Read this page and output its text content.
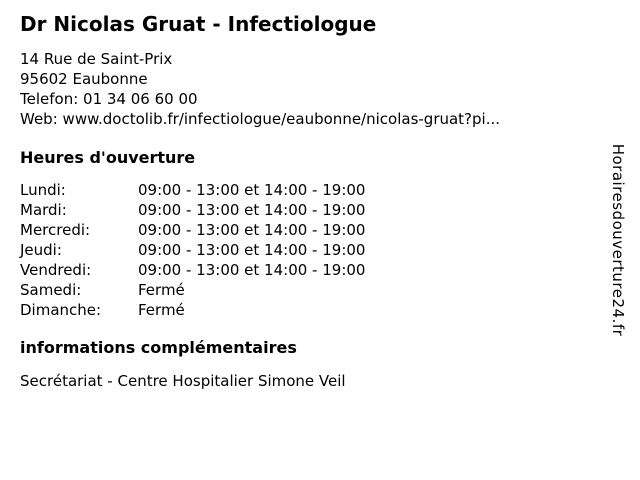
Dr Nicolas Gruat - Infectiologue
14 Rue de Saint-Prix
95602 Eaubonne
Telefon: 01 34 06 60 00
Web: www.doctolib.fr/infectiologue/eaubonne/nicolas-gruat?pi...
Heures d'ouverture
Lundi:	09:00 - 13:00 et 14:00 - 19:00
Mardi:	09:00 - 13:00 et 14:00 - 19:00
Mercredi:	09:00 - 13:00 et 14:00 - 19:00
Jeudi:	09:00 - 13:00 et 14:00 - 19:00
Vendredi:	09:00 - 13:00 et 14:00 - 19:00
Samedi:	Fermé
Dimanche:	Fermé
informations complémentaires

Secrétariat - Centre Hospitalier Simone Veil

Horairesdouverture24.fr
